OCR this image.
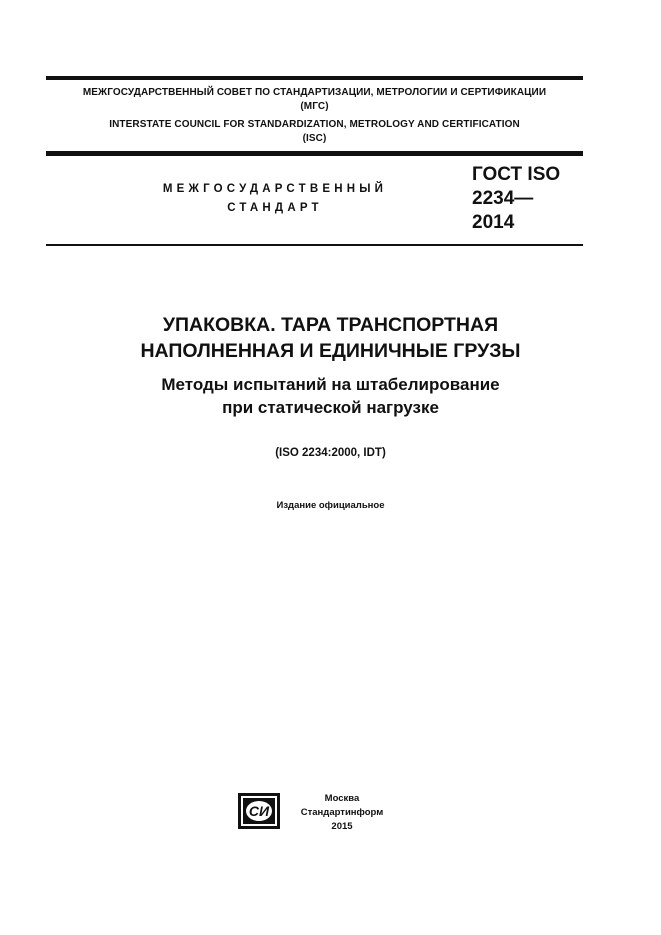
МЕЖГОСУДАРСТВЕННЫЙ СОВЕТ ПО СТАНДАРТИЗАЦИИ, МЕТРОЛОГИИ И СЕРТИФИКАЦИИ
(МГС)
INTERSTATE COUNCIL FOR STANDARDIZATION, METROLOGY AND CERTIFICATION
(ISC)
МЕЖГОСУДАРСТВЕННЫЙ
СТАНДАРТ
ГОСТ ISO
2234—
2014
УПАКОВКА. ТАРА ТРАНСПОРТНАЯ
НАПОЛНЕННАЯ И ЕДИНИЧНЫЕ ГРУЗЫ
Методы испытаний на штабелирование
при статической нагрузке
(ISO 2234:2000, IDT)
Издание официальное
СИ
Москва
Стандартинформ
2015
